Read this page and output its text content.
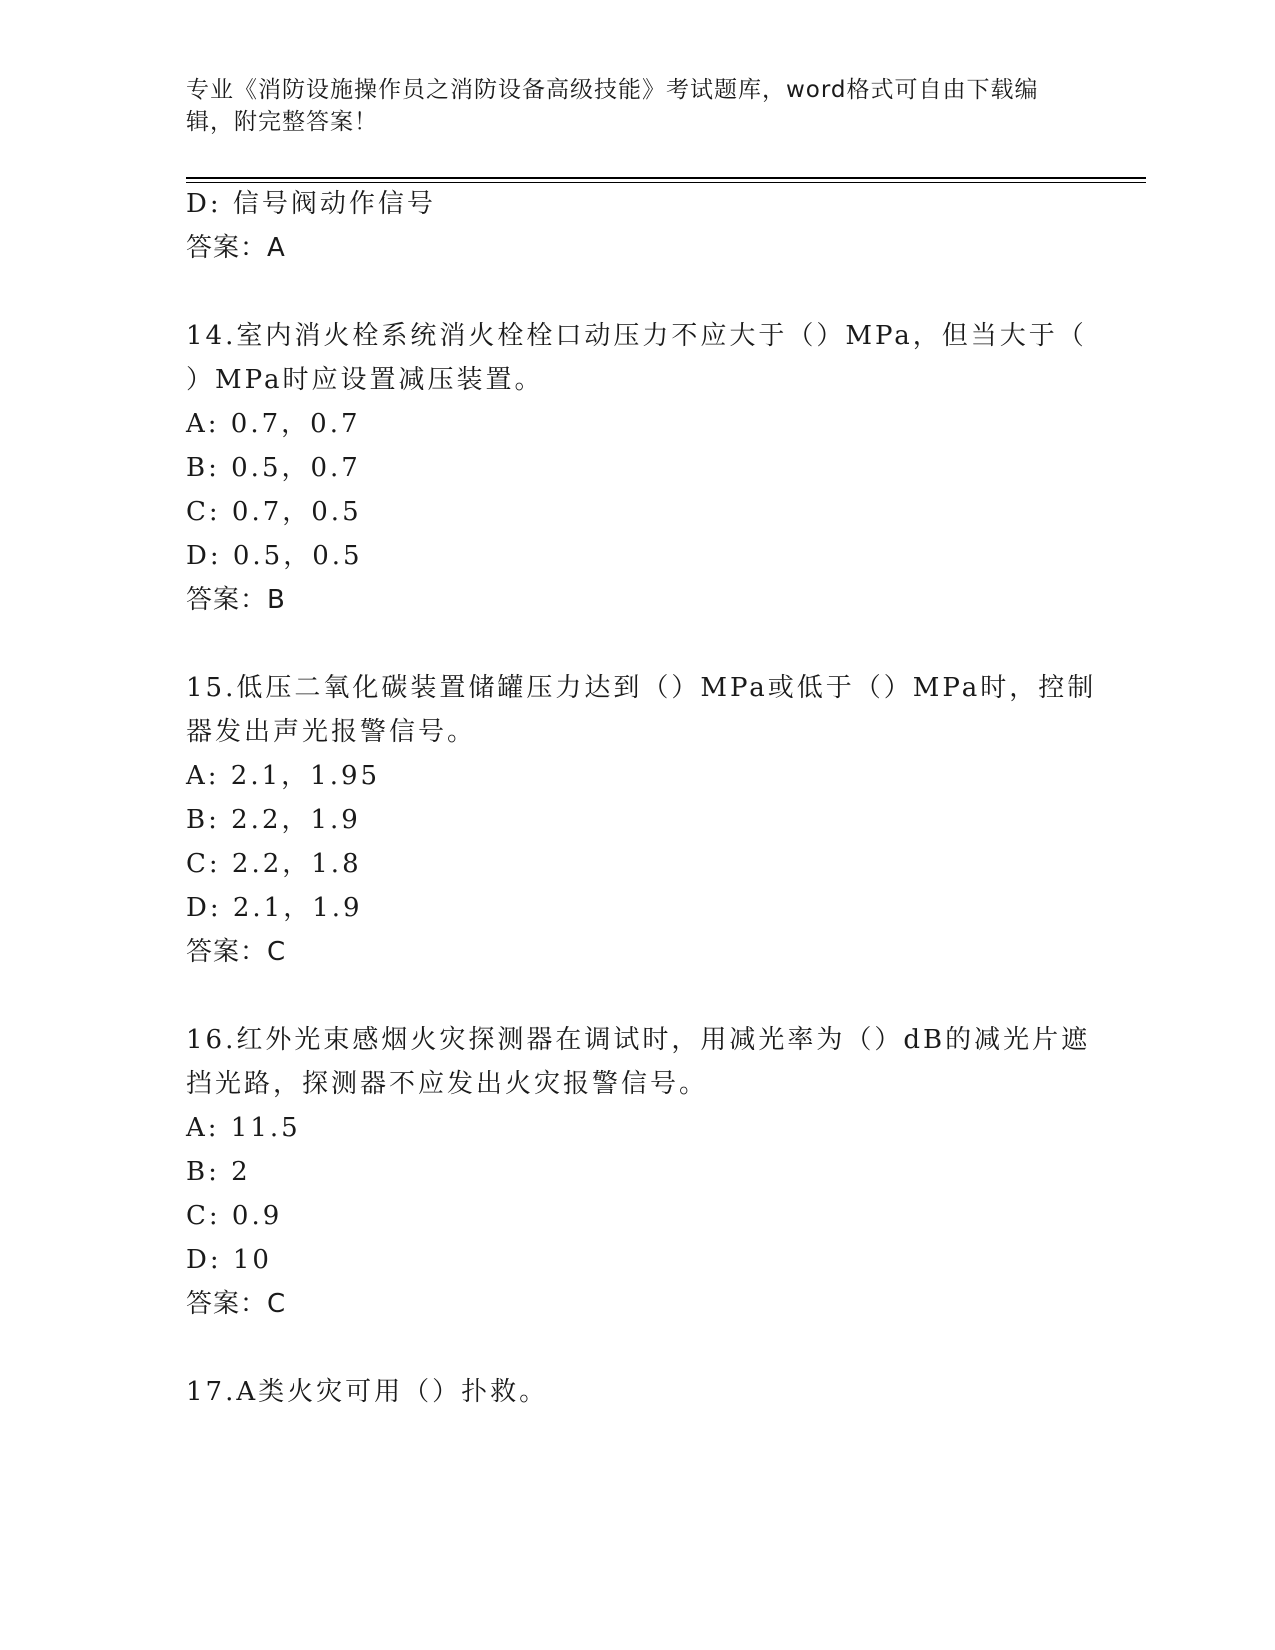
专业《消防设施操作员之消防设备高级技能》考试题库，word格式可自由下载编
辑，附完整答案！
D: 信号阀动作信号
答案：A
14.室内消火栓系统消火栓栓口动压力不应大于（）MPa，但当大于（
）MPa时应设置减压装置。
A: 0.7，0.7
B: 0.5，0.7
C: 0.7，0.5
D: 0.5，0.5
答案：B
15.低压二氧化碳装置储罐压力达到（）MPa或低于（）MPa时，控制
器发出声光报警信号。
A: 2.1，1.95
B: 2.2，1.9
C: 2.2，1.8
D: 2.1，1.9
答案：C
16.红外光束感烟火灾探测器在调试时，用减光率为（）dB的减光片遮
挡光路，探测器不应发出火灾报警信号。
A: 11.5
B: 2
C: 0.9
D: 10
答案：C
17.A类火灾可用（）扑救。
